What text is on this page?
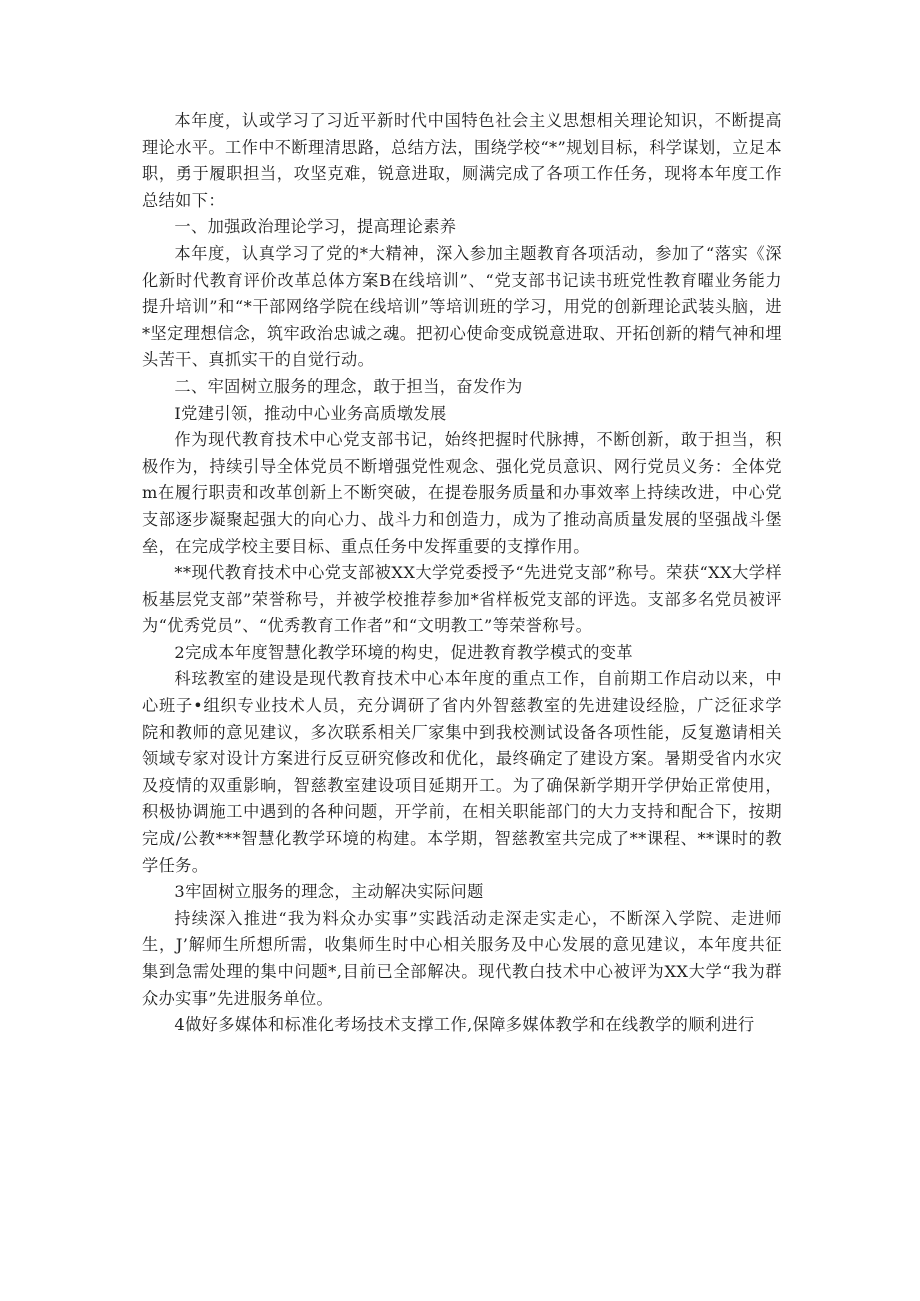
本年度，认或学习了习近平新时代中国特色社会主义思想相关理论知识，不断提高理论水平。工作中不断理清思路，总结方法，围绕学校“*”规划目标，科学谋划，立足本职，勇于履职担当，攻坚克难，锐意进取，厕满完成了各项工作任务，现将本年度工作总结如下：

一、加强政治理论学习，提高理论素养

本年度，认真学习了党的*大精神，深入参加主题教育各项活动，参加了“落实《深化新时代教育评价改革总体方案B在线培训”、“党支部书记读书班党性教育曜业务能力提升培训”和“*干部网络学院在线培训”等培训班的学习，用党的创新理论武装头脑，进*坚定理想信念，筑牢政治忠诚之魂。把初心使命变成锐意进取、开拓创新的精气神和埋头苦干、真抓实干的自觉行动。

二、牢固树立服务的理念，敢于担当，奋发作为

I党建引领，推动中心业务高质墩发展

作为现代教育技术中心党支部书记，始终把握时代脉搏，不断创新，敢于担当，积极作为，持续引导全体党员不断增强党性观念、强化党员意识、网行党员义务：全体党m在履行职责和改革创新上不断突破，在提卷服务质量和办事效率上持续改进，中心党支部逐步凝聚起强大的向心力、战斗力和创造力，成为了推动高质量发展的坚强战斗堡垒，在完成学校主要目标、重点任务中发挥重要的支撑作用。

**现代教育技术中心党支部被XX大学党委授予“先进党支部”称号。荣获“XX大学样板基层党支部”荣誉称号，并被学校推荐参加*省样板党支部的评选。支部多名党员被评为“优秀党员”、“优秀教育工作者”和“文明教工”等荣誉称号。

2完成本年度智慧化教学环境的构史，促进教育教学模式的变革

科玹教室的建设是现代教育技术中心本年度的重点工作，自前期工作启动以来，中心班子•组织专业技术人员，充分调研了省内外智慈教室的先进建设经脸，广泛征求学院和教师的意见建议，多次联系相关厂家集中到我校测试设备各项性能，反复邀请相关领域专家对设计方案进行反豆研究修改和优化，最终确定了建设方案。暑期受省内水灾及疫情的双重影晌，智慈教室建设项目延期开工。为了确保新学期开学伊始正常使用，积极协调施工中遇到的各种问题，开学前，在相关职能部门的大力支持和配合下，按期完成/公教***智慧化教学环境的构建。本学期，智慈教室共完成了**课程、**课时的教学任务。

3牢固树立服务的理念，主动解决实际问题

持续深入推进“我为料众办实事”实践活动走深走实走心，不断深入学院、走进师生，J’解师生所想所需，收集师生时中心相关服务及中心发展的意见建议，本年度共征集到急需处理的集中问题*,目前已全部解决。现代教白技术中心被评为XX大学“我为群众办实事”先进服务单位。

4做好多媒体和标准化考场技术支撑工作,保障多媒体教学和在线教学的顺利进行
